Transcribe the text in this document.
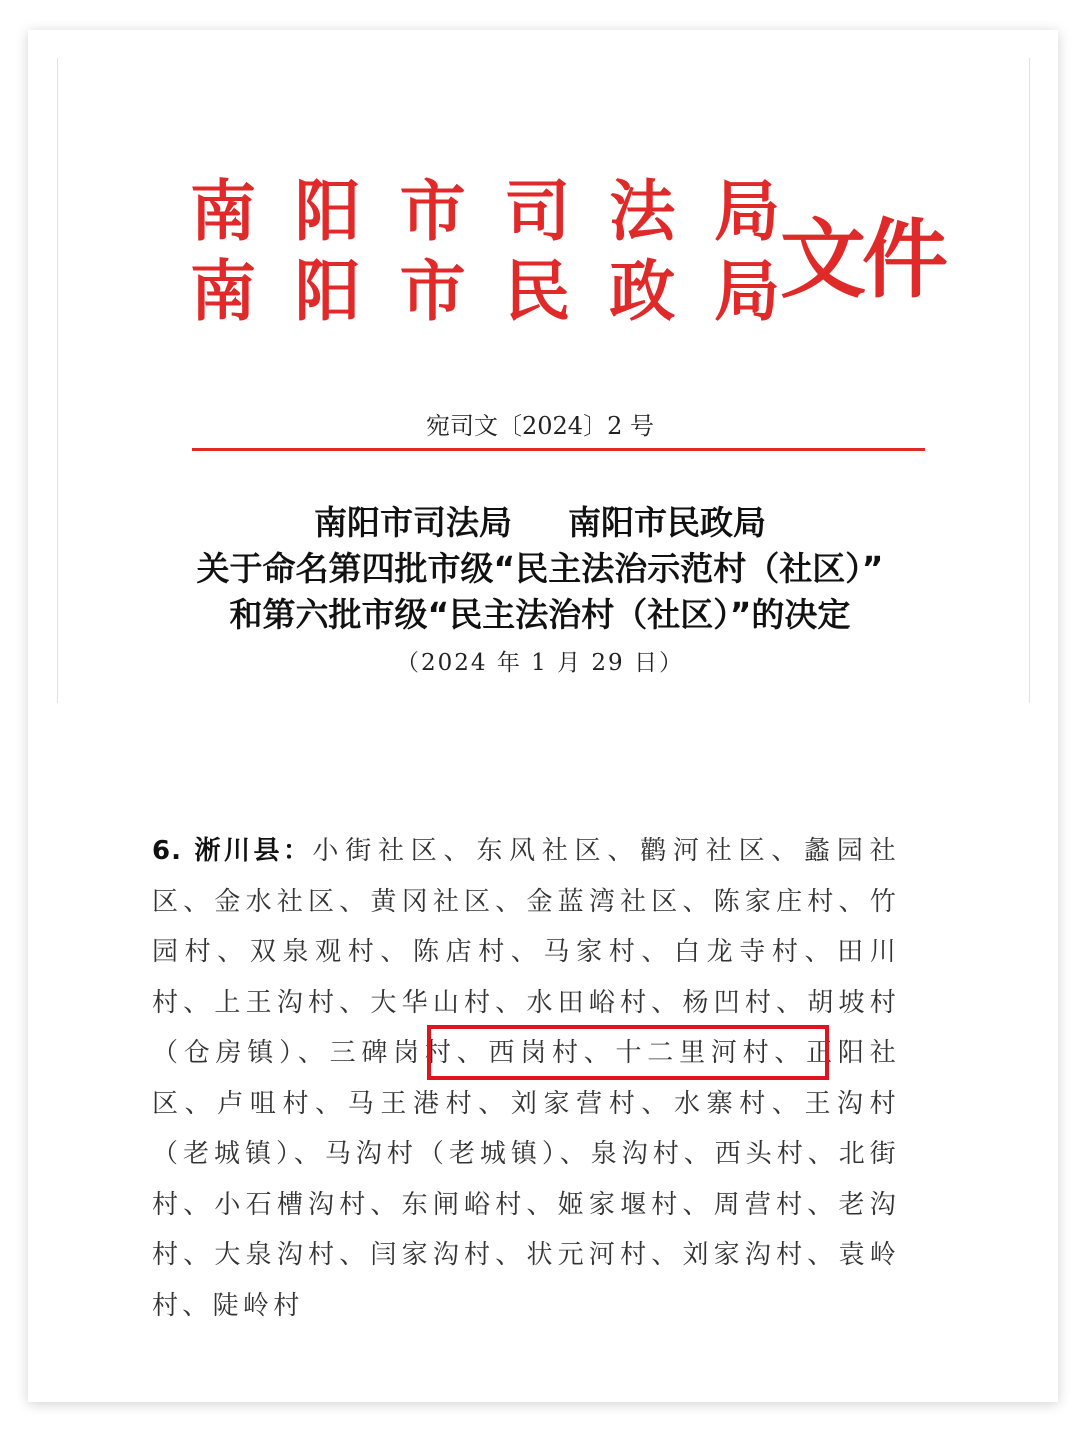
南 阳 市 司 法 局
南 阳 市 民 政 局 文件
宛司文〔2024〕2 号
南阳市司法局 南阳市民政局
关于命名第四批市级“民主法治示范村（社区）”
和第六批市级“民主法治村（社区）”的决定
（2024 年 1 月 29 日）
6. 淅川县：小街社区、东风社区、鹳河社区、蠡园社区、金水社区、黄冈社区、金蓝湾社区、陈家庄村、竹园村、双泉观村、陈店村、马家村、白龙寺村、田川村、上王沟村、大华山村、水田峪村、杨凹村、胡坡村（仓房镇）、三碑岗村、西岗村、十二里河村、正阳社区、卢咀村、马王港村、刘家营村、水寨村、王沟村（老城镇）、马沟村（老城镇）、泉沟村、西头村、北街村、小石槽沟村、东闸峪村、姬家堰村、周营村、老沟村、大泉沟村、闫家沟村、状元河村、刘家沟村、袁岭村、陡岭村
